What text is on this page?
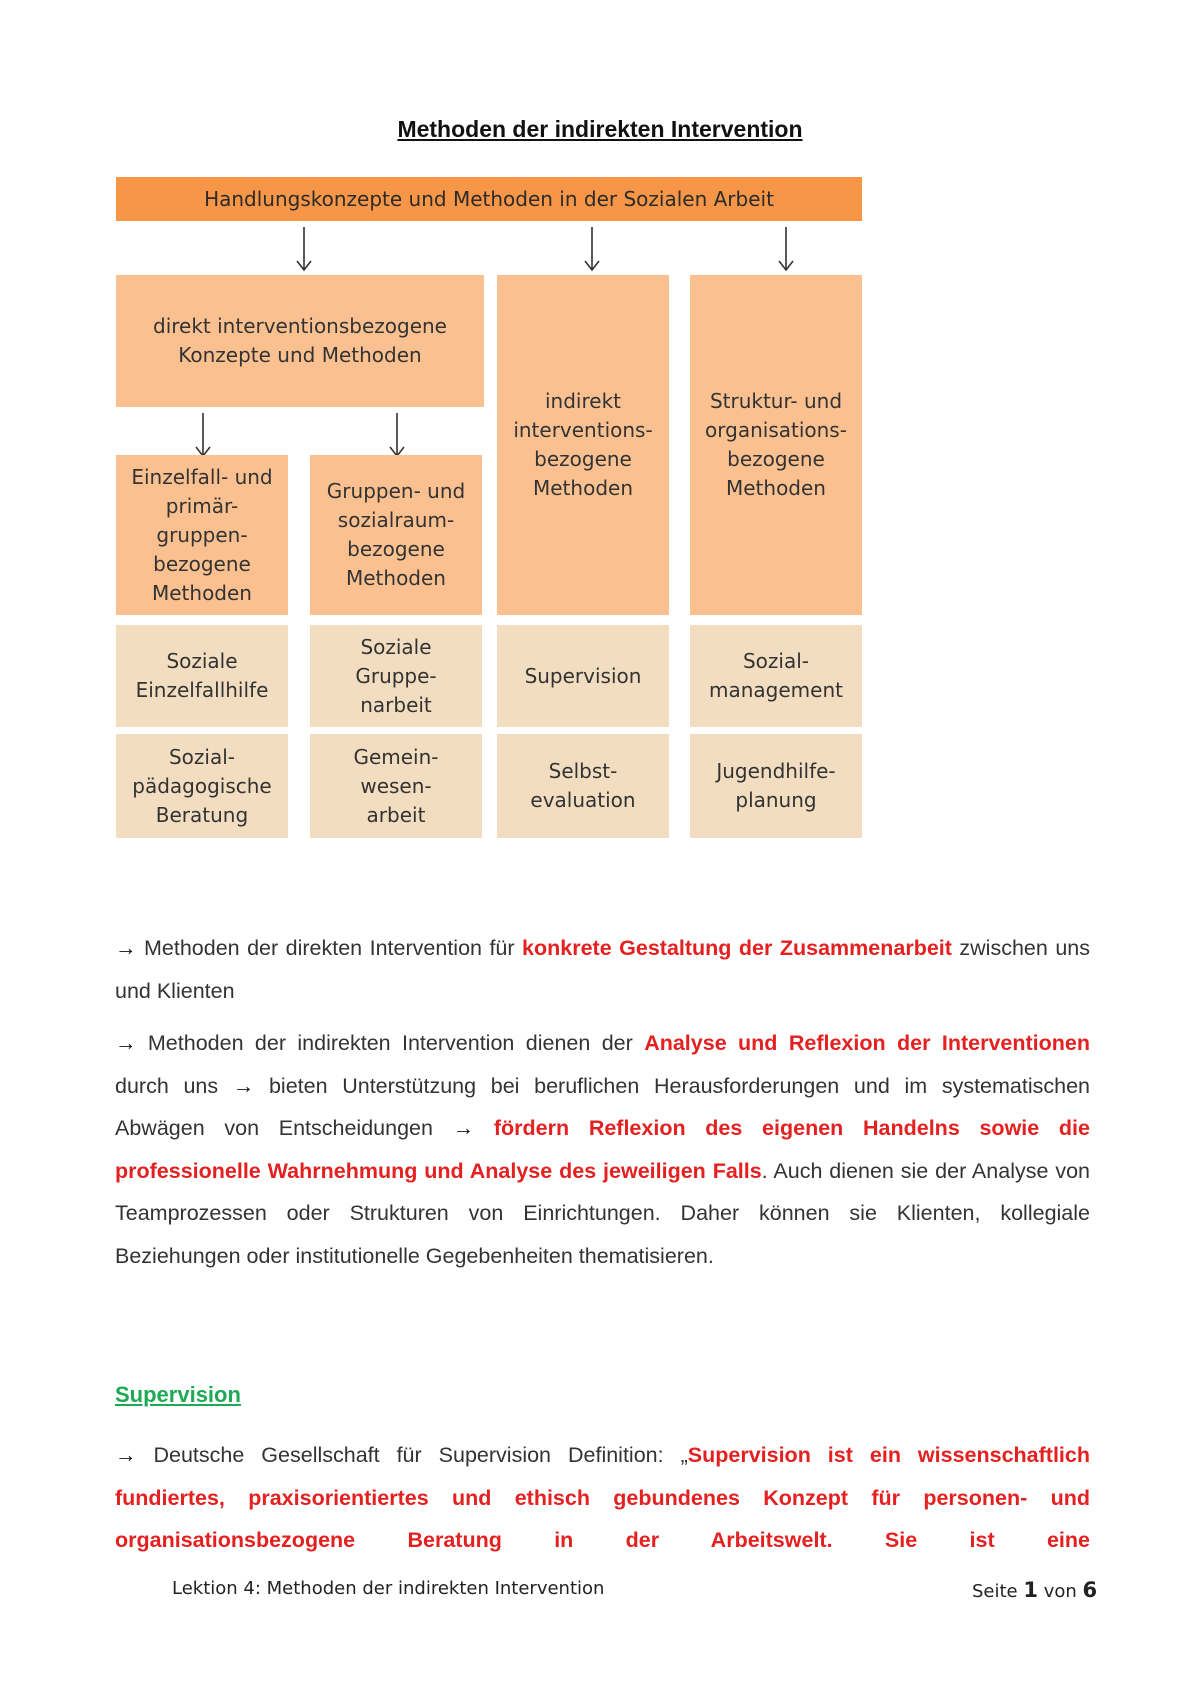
Methoden der indirekten Intervention
Handlungskonzepte und Methoden in der Sozialen Arbeit
direkt interventionsbezogene
Konzepte und Methoden
indirekt
interventions-
bezogene
Methoden
Struktur- und
organisations-
bezogene
Methoden
Einzelfall- und
primär-
gruppen-
bezogene
Methoden
Gruppen- und
sozialraum-
bezogene
Methoden
Soziale
Einzelfallhilfe
Soziale
Gruppe-
narbeit
Supervision
Sozial-
management
Sozial-
pädagogische
Beratung
Gemein-
wesen-
arbeit
Selbst-
evaluation
Jugendhilfe-
planung

→ Methoden der direkten Intervention für konkrete Gestaltung der Zusammenarbeit zwischen uns und Klienten

→ Methoden der indirekten Intervention dienen der Analyse und Reflexion der Interventionen durch uns → bieten Unterstützung bei beruflichen Herausforderungen und im systematischen Abwägen von Entscheidungen → fördern Reflexion des eigenen Handelns sowie die professionelle Wahrnehmung und Analyse des jeweiligen Falls. Auch dienen sie der Analyse von Teamprozessen oder Strukturen von Einrichtungen. Daher können sie Klienten, kollegiale Beziehungen oder institutionelle Gegebenheiten thematisieren.

Supervision

→ Deutsche Gesellschaft für Supervision Definition: „Supervision ist ein wissenschaftlich fundiertes, praxisorientiertes und ethisch gebundenes Konzept für personen- und organisationsbezogene Beratung in der Arbeitswelt. Sie ist eine

Lektion 4: Methoden der indirekten Intervention	Seite 1 von 6
